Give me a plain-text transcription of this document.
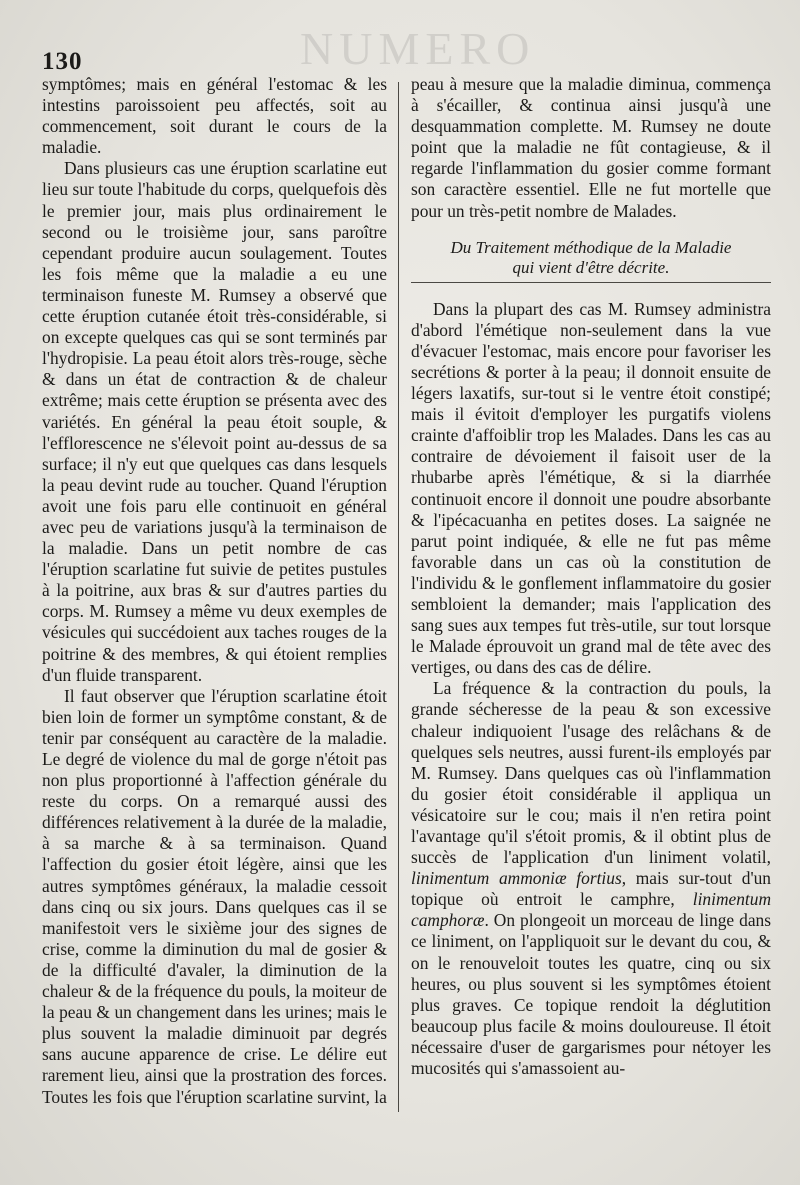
NUMERO
130

symptômes; mais en général l'estomac & les intestins paroissoient peu affectés, soit au commencement, soit durant le cours de la maladie.

Dans plusieurs cas une éruption scarlatine eut lieu sur toute l'habitude du corps, quelquefois dès le premier jour, mais plus ordinairement le second ou le troisième jour, sans paroître cependant produire aucun soulagement. Toutes les fois même que la maladie a eu une terminaison funeste M. Rumsey a observé que cette éruption cutanée étoit très-considérable, si on excepte quelques cas qui se sont terminés par l'hydropisie. La peau étoit alors très-rouge, sèche & dans un état de contraction & de chaleur extrême; mais cette éruption se présenta avec des variétés. En général la peau étoit souple, & l'efflorescence ne s'élevoit point au-dessus de sa surface; il n'y eut que quelques cas dans lesquels la peau devint rude au toucher. Quand l'éruption avoit une fois paru elle continuoit en général avec peu de variations jusqu'à la terminaison de la maladie. Dans un petit nombre de cas l'éruption scarlatine fut suivie de petites pustules à la poitrine, aux bras & sur d'autres parties du corps. M. Rumsey a même vu deux exemples de vésicules qui succédoient aux taches rouges de la poitrine & des membres, & qui étoient remplies d'un fluide transparent.

Il faut observer que l'éruption scarlatine étoit bien loin de former un symptôme constant, & de tenir par conséquent au caractère de la maladie. Le degré de violence du mal de gorge n'étoit pas non plus proportionné à l'affection générale du reste du corps. On a remarqué aussi des différences relativement à la durée de la maladie, à sa marche & à sa terminaison. Quand l'affection du gosier étoit légère, ainsi que les autres symptômes généraux, la maladie cessoit dans cinq ou six jours. Dans quelques cas il se manifestoit vers le sixième jour des signes de crise, comme la diminution du mal de gosier & de la difficulté d'avaler, la diminution de la chaleur & de la fréquence du pouls, la moiteur de la peau & un changement dans les urines; mais le plus souvent la maladie diminuoit par degrés sans aucune apparence de crise. Le délire eut rarement lieu, ainsi que la prostration des forces. Toutes les fois que l'éruption scarlatine survint, la

peau à mesure que la maladie diminua, commença à s'écailler, & continua ainsi jusqu'à une desquammation complette. M. Rumsey ne doute point que la maladie ne fût contagieuse, & il regarde l'inflammation du gosier comme formant son caractère essentiel. Elle ne fut mortelle que pour un très-petit nombre de Malades.

Du Traitement méthodique de la Maladie
qui vient d'être décrite.

Dans la plupart des cas M. Rumsey administra d'abord l'émétique non-seulement dans la vue d'évacuer l'estomac, mais encore pour favoriser les secrétions & porter à la peau; il donnoit ensuite de légers laxatifs, sur-tout si le ventre étoit constipé; mais il évitoit d'employer les purgatifs violens crainte d'affoiblir trop les Malades. Dans les cas au contraire de dévoiement il faisoit user de la rhubarbe après l'émétique, & si la diarrhée continuoit encore il donnoit une poudre absorbante & l'ipécacuanha en petites doses. La saignée ne parut point indiquée, & elle ne fut pas même favorable dans un cas où la constitution de l'individu & le gonflement inflammatoire du gosier sembloient la demander; mais l'application des sang sues aux tempes fut très-utile, sur tout lorsque le Malade éprouvoit un grand mal de tête avec des vertiges, ou dans des cas de délire.

La fréquence & la contraction du pouls, la grande sécheresse de la peau & son excessive chaleur indiquoient l'usage des relâchans & de quelques sels neutres, aussi furent-ils employés par M. Rumsey. Dans quelques cas où l'inflammation du gosier étoit considérable il appliqua un vésicatoire sur le cou; mais il n'en retira point l'avantage qu'il s'étoit promis, & il obtint plus de succès de l'application d'un liniment volatil, linimentum ammoniæ fortius, mais sur-tout d'un topique où entroit le camphre, linimentum camphoræ. On plongeoit un morceau de linge dans ce liniment, on l'appliquoit sur le devant du cou, & on le renouveloit toutes les quatre, cinq ou six heures, ou plus souvent si les symptômes étoient plus graves. Ce topique rendoit la déglutition beaucoup plus facile & moins douloureuse. Il étoit nécessaire d'user de gargarismes pour nétoyer les mucosités qui s'amassoient au-
